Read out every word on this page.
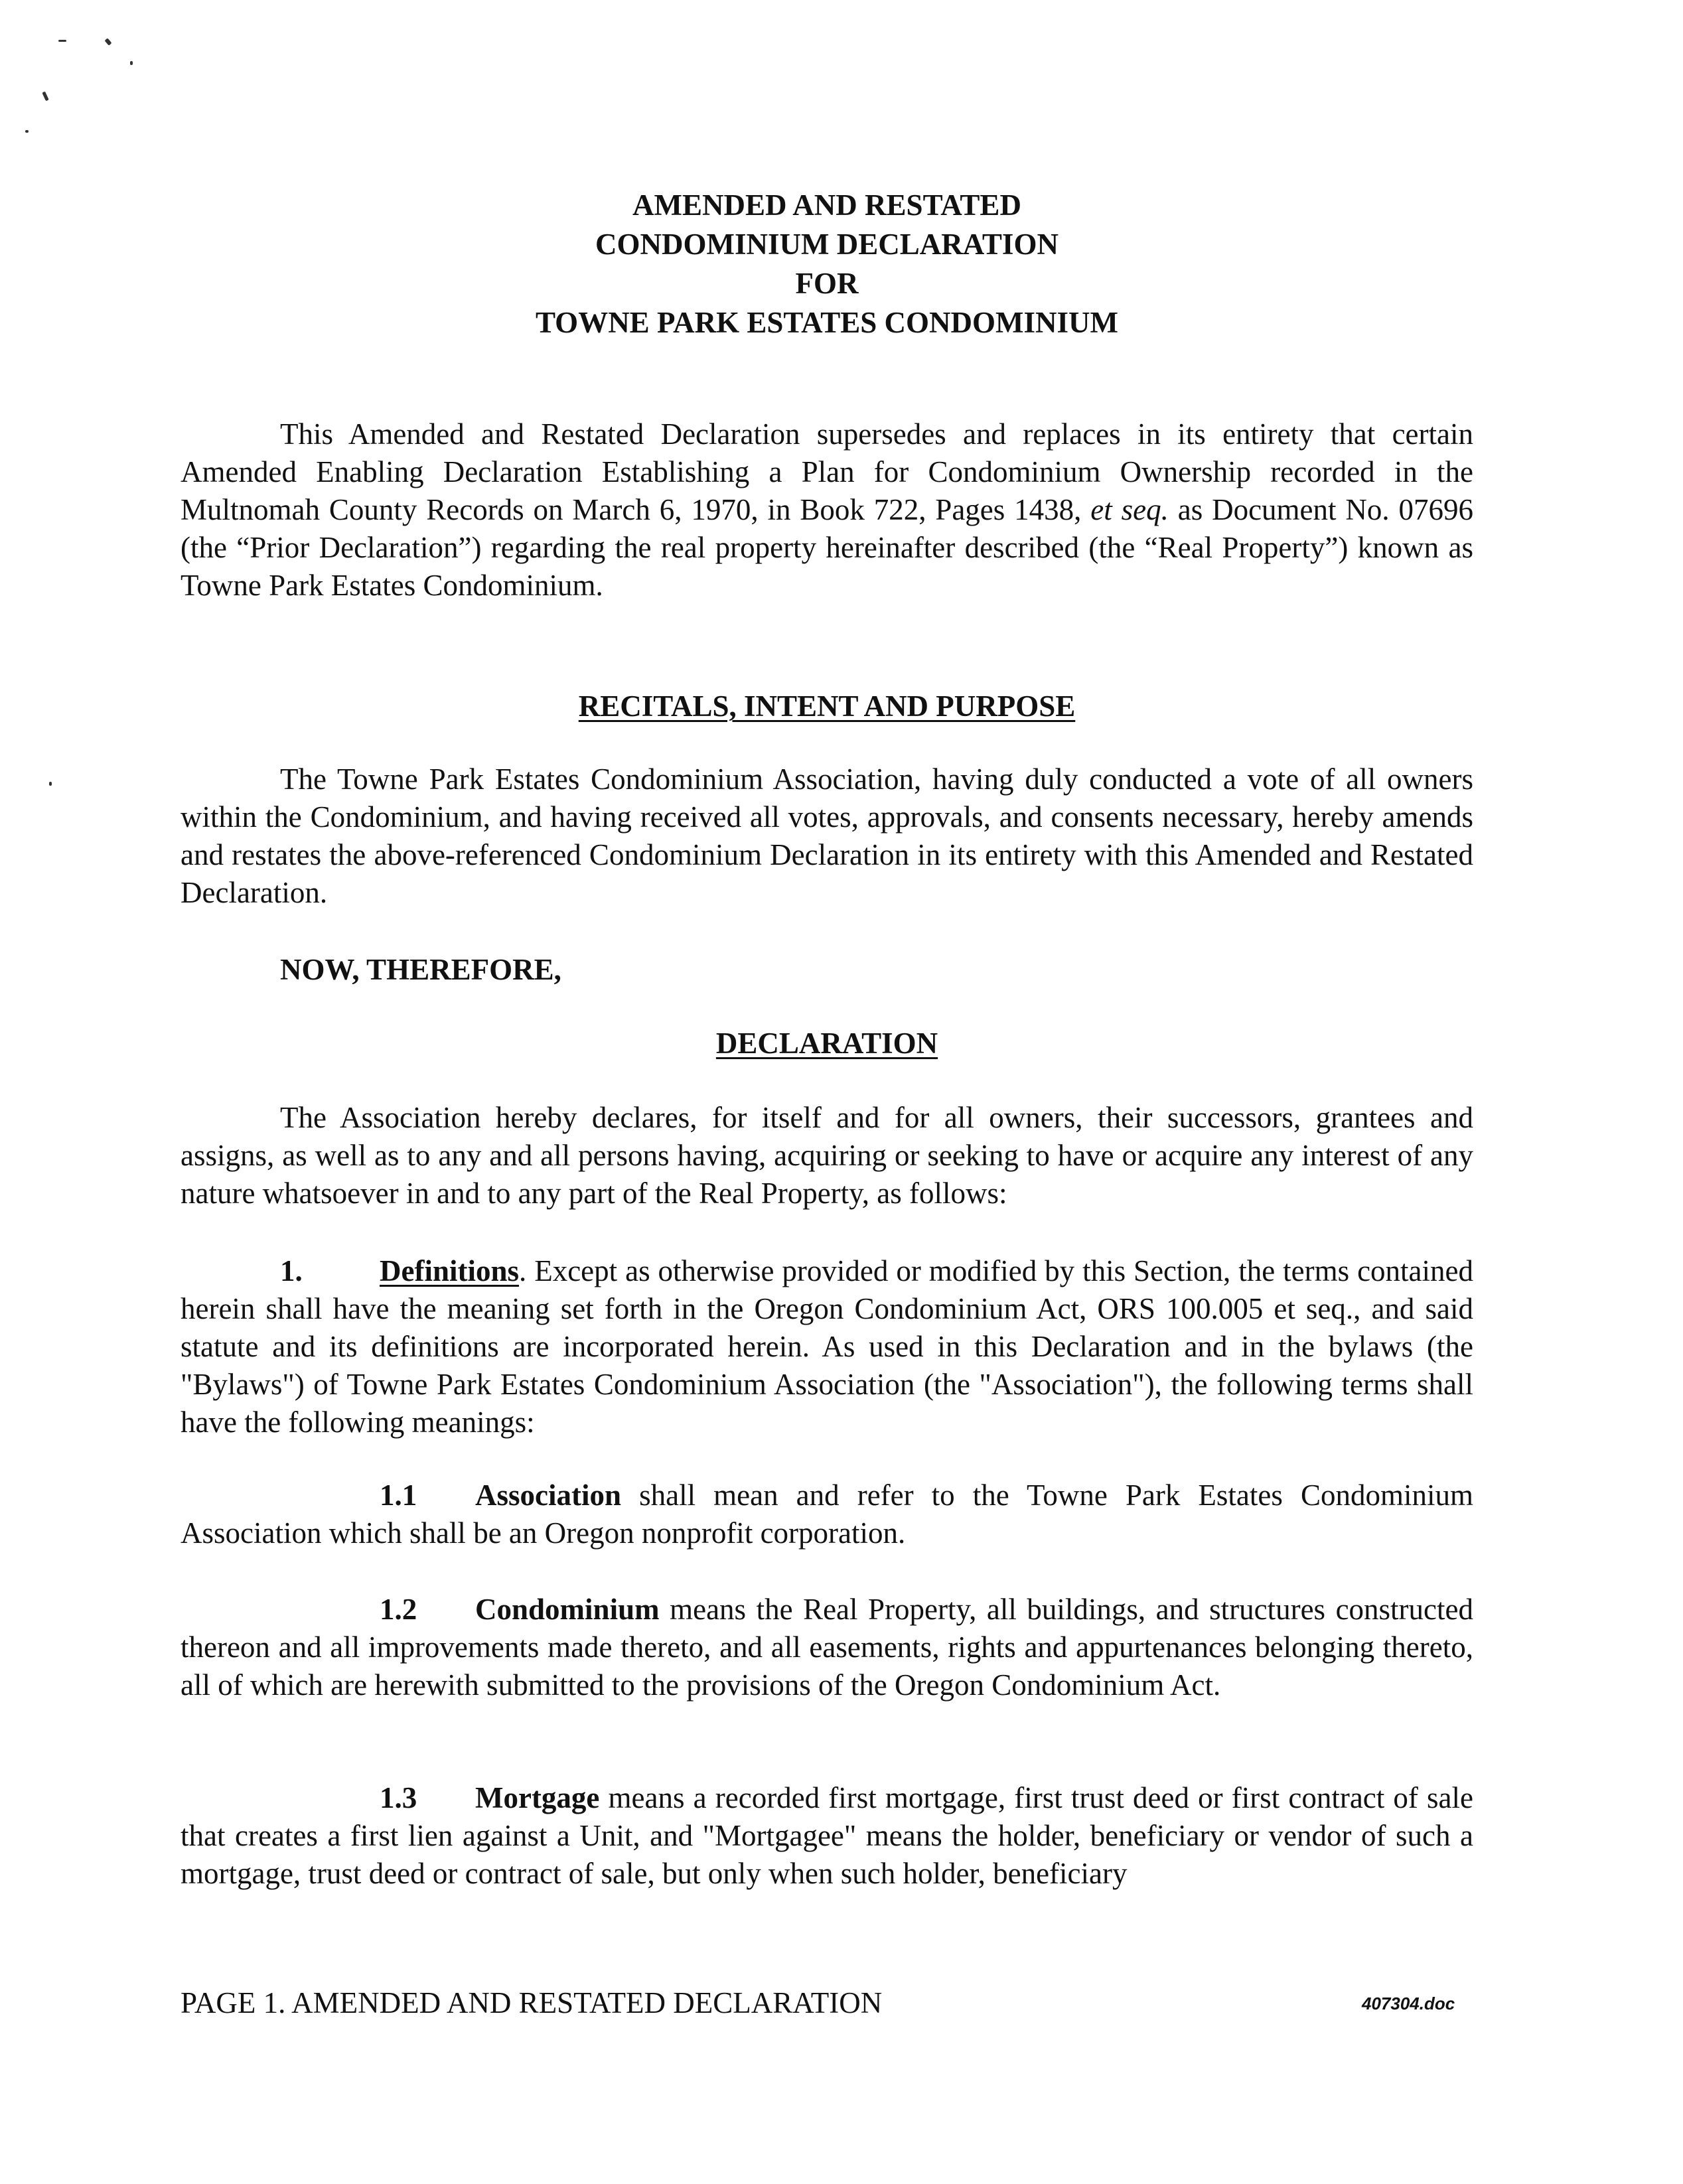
AMENDED AND RESTATED
CONDOMINIUM DECLARATION
FOR
TOWNE PARK ESTATES CONDOMINIUM
This Amended and Restated Declaration supersedes and replaces in its entirety that certain Amended Enabling Declaration Establishing a Plan for Condominium Ownership recorded in the Multnomah County Records on March 6, 1970, in Book 722, Pages 1438, et seq. as Document No. 07696 (the “Prior Declaration”) regarding the real property hereinafter described (the “Real Property”) known as Towne Park Estates Condominium.
RECITALS, INTENT AND PURPOSE
The Towne Park Estates Condominium Association, having duly conducted a vote of all owners within the Condominium, and having received all votes, approvals, and consents necessary, hereby amends and restates the above-referenced Condominium Declaration in its entirety with this Amended and Restated Declaration.
NOW, THEREFORE,
DECLARATION
The Association hereby declares, for itself and for all owners, their successors, grantees and assigns, as well as to any and all persons having, acquiring or seeking to have or acquire any interest of any nature whatsoever in and to any part of the Real Property, as follows:
1.	Definitions. Except as otherwise provided or modified by this Section, the terms contained herein shall have the meaning set forth in the Oregon Condominium Act, ORS 100.005 et seq., and said statute and its definitions are incorporated herein. As used in this Declaration and in the bylaws (the "Bylaws") of Towne Park Estates Condominium Association (the "Association"), the following terms shall have the following meanings:
1.1 Association shall mean and refer to the Towne Park Estates Condominium Association which shall be an Oregon nonprofit corporation.
1.2 Condominium means the Real Property, all buildings, and structures constructed thereon and all improvements made thereto, and all easements, rights and appurtenances belonging thereto, all of which are herewith submitted to the provisions of the Oregon Condominium Act.
1.3 Mortgage means a recorded first mortgage, first trust deed or first contract of sale that creates a first lien against a Unit, and "Mortgagee" means the holder, beneficiary or vendor of such a mortgage, trust deed or contract of sale, but only when such holder, beneficiary
PAGE 1. AMENDED AND RESTATED DECLARATION	407304.doc
